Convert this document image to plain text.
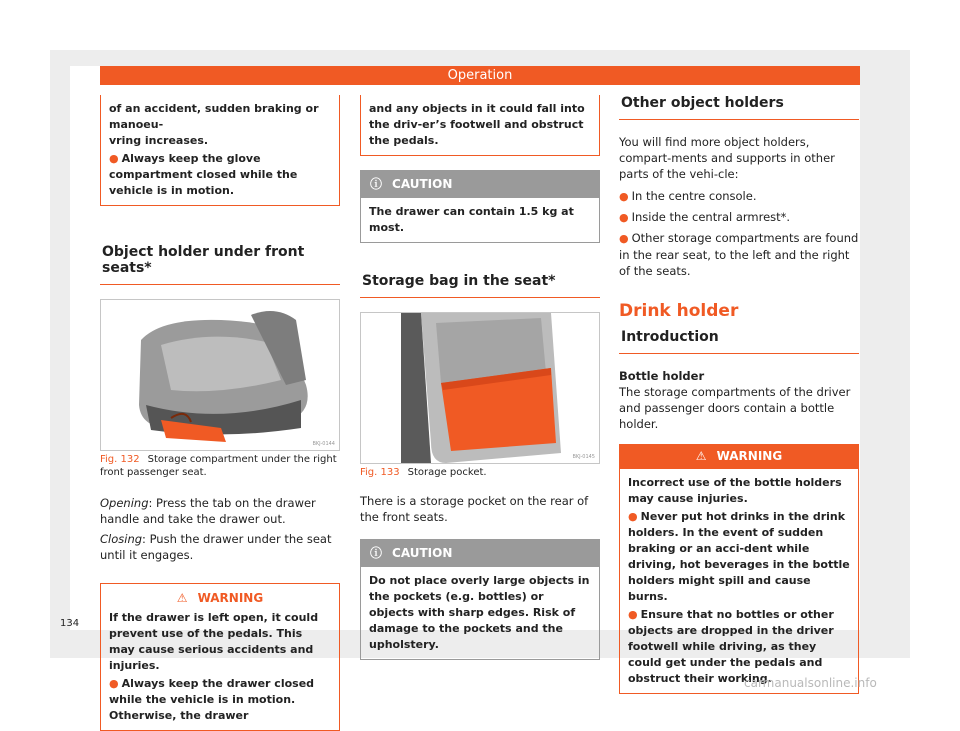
Operation
of an accident, sudden braking or manoeu-
vring increases.
● Always keep the glove compartment closed while the vehicle is in motion.
Object holder under front seats*
BKJ-0144
Fig. 132 Storage compartment under the right front passenger seat.

Opening: Press the tab on the drawer handle and take the drawer out.

Closing: Push the drawer under the seat until it engages.

⚠ WARNING
If the drawer is left open, it could prevent use of the pedals. This may cause serious accidents and injuries.
● Always keep the drawer closed while the vehicle is in motion. Otherwise, the drawer
and any objects in it could fall into the driv-er’s footwell and obstruct the pedals.
ⓘ CAUTION
The drawer can contain 1.5 kg at most.
Storage bag in the seat*
BKJ-0145
Fig. 133 Storage pocket.

There is a storage pocket on the rear of the front seats.

ⓘ CAUTION
Do not place overly large objects in the pockets (e.g. bottles) or objects with sharp edges. Risk of damage to the pockets and the upholstery.
Other object holders

You will find more object holders, compart-ments and supports in other parts of the vehi-cle:

● In the centre console.

● Inside the central armrest*.

● Other storage compartments are found in the rear seat, to the left and the right of the seats.

Drink holder
Introduction

Bottle holder

The storage compartments of the driver and passenger doors contain a bottle holder.

⚠ WARNING
Incorrect use of the bottle holders may cause injuries.
● Never put hot drinks in the drink holders. In the event of sudden braking or an acci-dent while driving, hot beverages in the bottle holders might spill and cause burns.
● Ensure that no bottles or other objects are dropped in the driver footwell while driving, as they could get under the pedals and obstruct their working.
134
carmanualsonline.info
